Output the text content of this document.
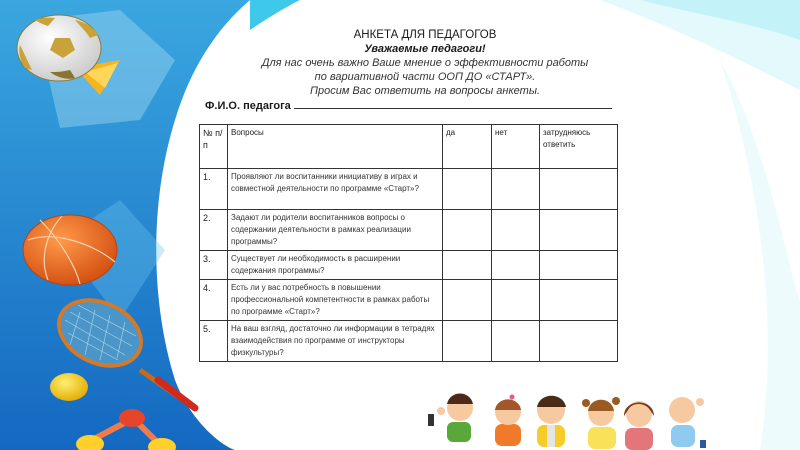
АНКЕТА ДЛЯ ПЕДАГОГОВ
Уважаемые педагоги!
Для нас очень важно Ваше мнение о эффективности работы
по вариативной части ООП ДО «СТАРТ».
Просим Вас ответить на вопросы анкеты.
Ф.И.О. педагога
№ п/п	Вопросы	да	нет	затрудняюсь ответить
1.	Проявляют ли воспитанники инициативу в играх и совместной деятельности по программе «Старт»?			
2.	Задают ли родители воспитанников вопросы о содержании деятельности в рамках реализации программы?			
3.	Существует ли необходимость в расширении содержания программы?			
4.	Есть ли у вас потребность в повышении профессиональной компетентности в рамках работы по программе «Старт»?			
5.	На ваш взгляд, достаточно ли информации в тетрадях взаимодействия по программе от инструкторы физкультуры?			
